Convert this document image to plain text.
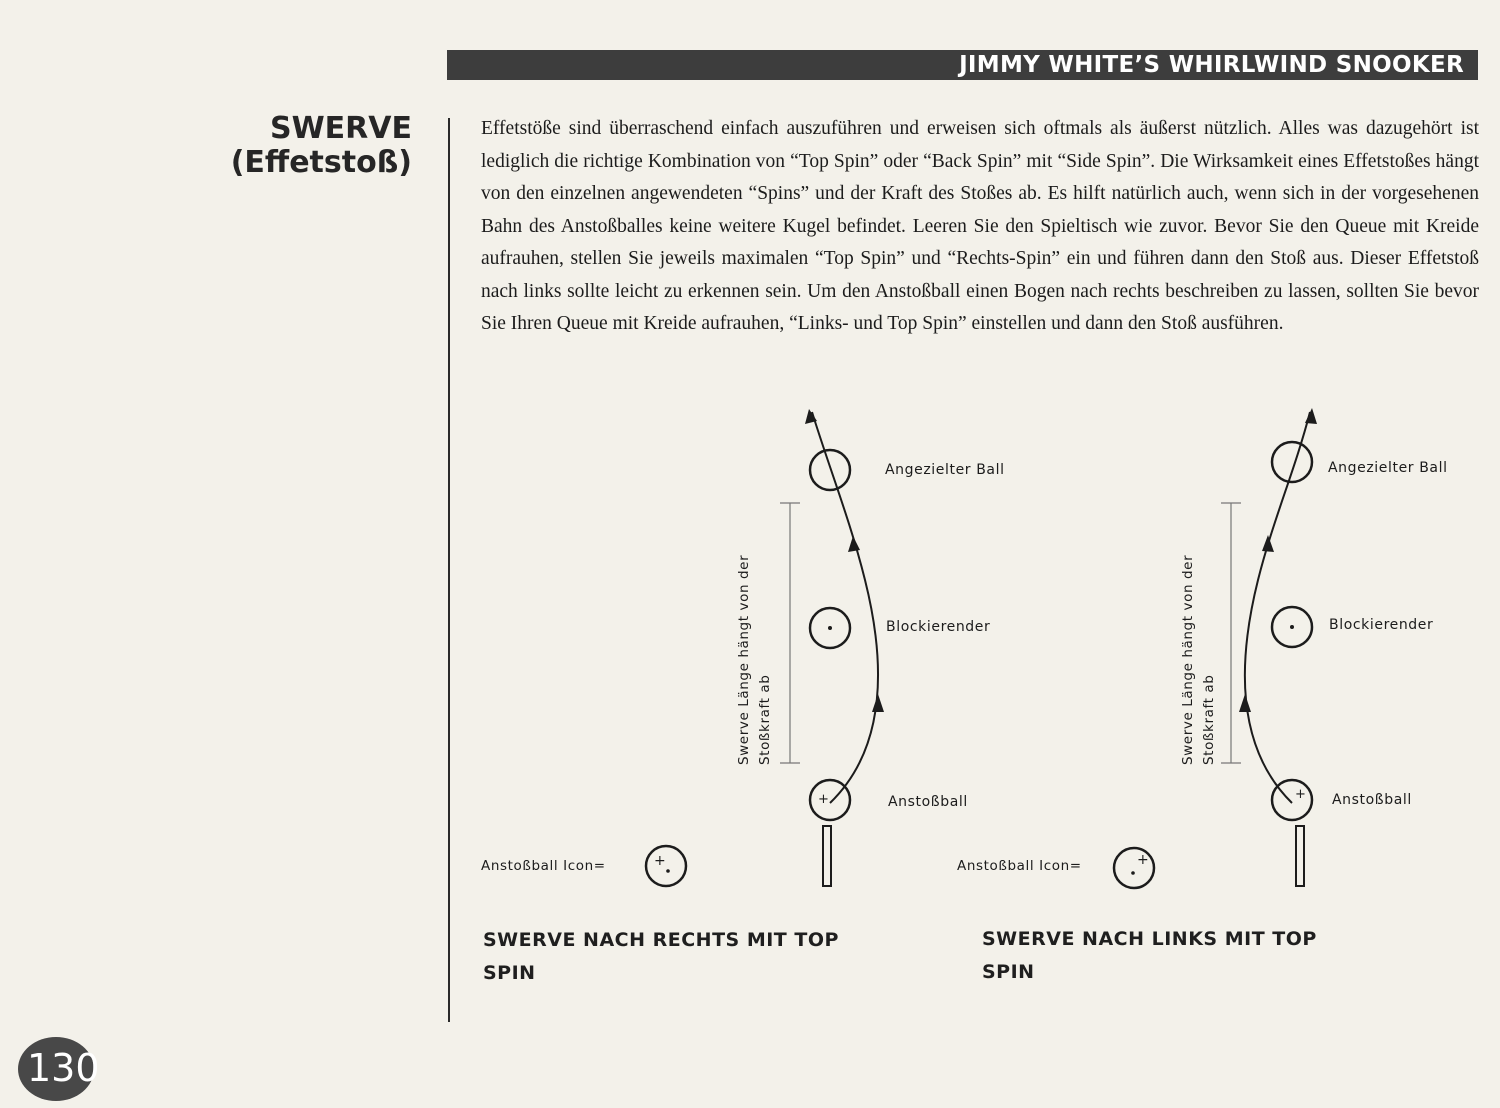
JIMMY WHITE’S WHIRLWIND SNOOKER
SWERVE
(Effetstoß)
Effetstöße sind überraschend einfach auszuführen und erweisen sich oftmals als äußerst nützlich. Alles was dazugehört ist lediglich die richtige Kombination von “Top Spin” oder “Back Spin” mit “Side Spin”. Die Wirksamkeit eines Effetstoßes hängt von den einzelnen angewendeten “Spins” und der Kraft des Stoßes ab. Es hilft natürlich auch, wenn sich in der vorgesehenen Bahn des Anstoßballes keine weitere Kugel befindet. Leeren Sie den Spieltisch wie zuvor. Bevor Sie den Queue mit Kreide aufrauhen, stellen Sie jeweils maximalen “Top Spin” und “Rechts-Spin” ein und führen dann den Stoß aus. Dieser Effetstoß nach links sollte leicht zu erkennen sein. Um den Anstoßball einen Bogen nach rechts beschreiben zu lassen, sollten Sie bevor Sie Ihren Queue mit Kreide aufrauhen, “Links- und Top Spin” einstellen und dann den Stoß ausführen.
+
Angezielter Ball
Blockierender
Anstoßball
Swerve Länge hängt von der Stoßkraft ab
+
+
Angezielter Ball
Blockierender
Anstoßball
Swerve Länge hängt von der Stoßkraft ab
+
Anstoßball Icon=	Anstoßball Icon=
SWERVE NACH RECHTS MIT TOP
SPIN
SWERVE NACH LINKS MIT TOP
SPIN
130
